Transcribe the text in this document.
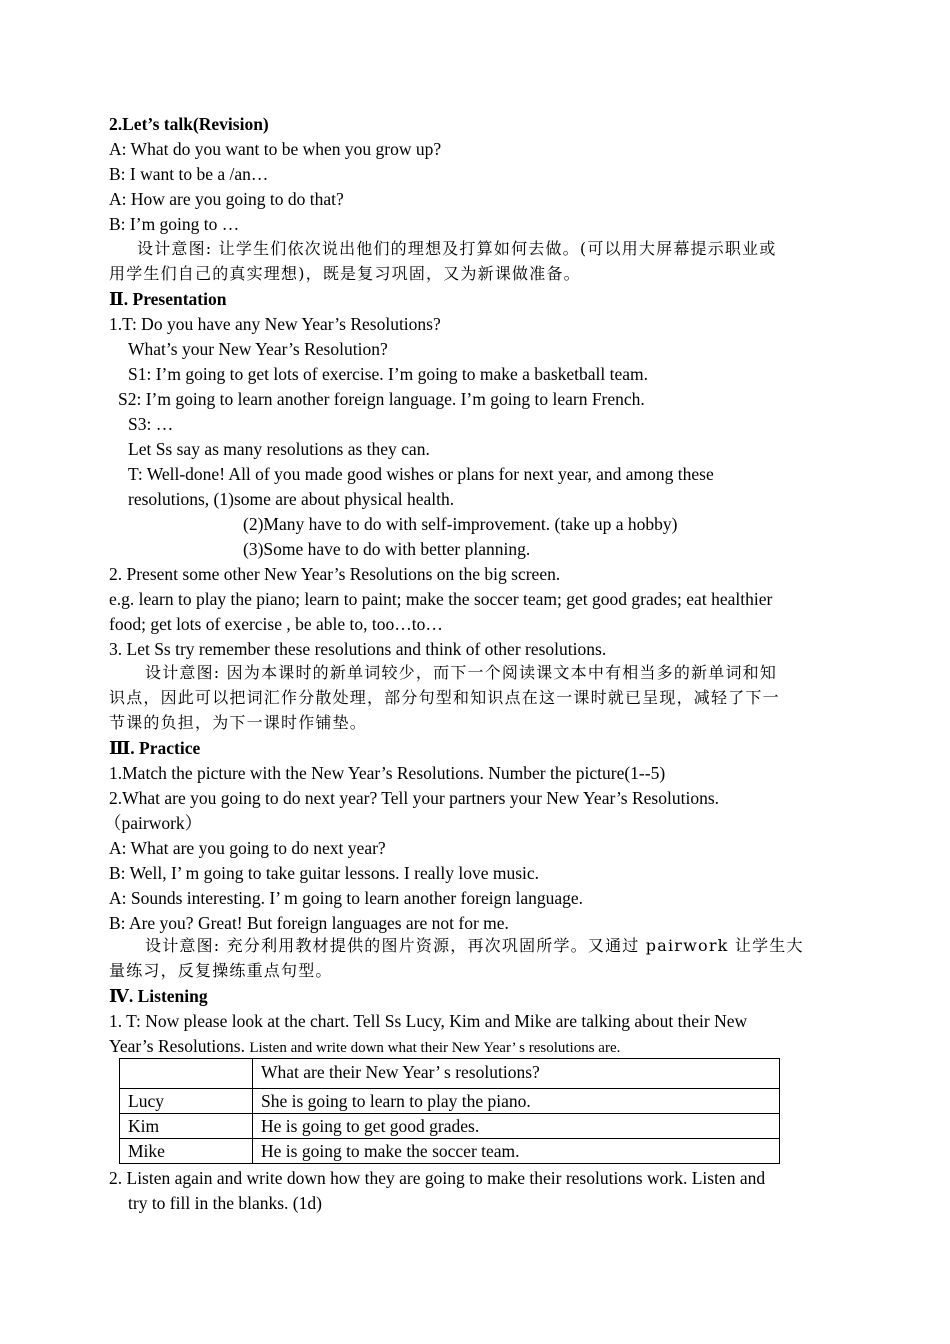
2.Let’s talk(Revision)
A: What do you want to be when you grow up?
B: I want to be a /an…
A: How are you going to do that?
B: I’m going to …
设计意图: 让学生们依次说出他们的理想及打算如何去做。(可以用大屏幕提示职业或
用学生们自己的真实理想)，既是复习巩固，又为新课做准备。
Ⅱ. Presentation
1.T: Do you have any New Year’s Resolutions?
What’s your New Year’s Resolution?
S1: I’m going to get lots of exercise. I’m going to make a basketball team.
S2: I’m going to learn another foreign language. I’m going to learn French.
S3: …
Let Ss say as many resolutions as they can.
T: Well-done! All of you made good wishes or plans for next year, and among these
resolutions, (1)some are about physical health.
(2)Many have to do with self-improvement. (take up a hobby)
(3)Some have to do with better planning.
2. Present some other New Year’s Resolutions on the big screen.
e.g. learn to play the piano; learn to paint; make the soccer team; get good grades; eat healthier
food; get lots of exercise , be able to, too…to…
3. Let Ss try remember these resolutions and think of other resolutions.
设计意图: 因为本课时的新单词较少，而下一个阅读课文本中有相当多的新单词和知
识点，因此可以把词汇作分散处理，部分句型和知识点在这一课时就已呈现，减轻了下一
节课的负担，为下一课时作铺垫。
Ⅲ. Practice
1.Match the picture with the New Year’s Resolutions. Number the picture(1--5)
2.What are you going to do next year? Tell your partners your New Year’s Resolutions.
（pairwork）
A: What are you going to do next year?
B: Well, I’ m going to take guitar lessons. I really love music.
A: Sounds interesting. I’ m going to learn another foreign language.
B: Are you? Great! But foreign languages are not for me.
设计意图: 充分利用教材提供的图片资源，再次巩固所学。又通过 pairwork 让学生大
量练习，反复操练重点句型。
Ⅳ. Listening
1. T: Now please look at the chart. Tell Ss Lucy, Kim and Mike are talking about their New
Year’s Resolutions. Listen and write down what their New Year’ s resolutions are.
	What are their New Year’ s resolutions?
Lucy	She is going to learn to play the piano.
Kim	He is going to get good grades.
Mike	He is going to make the soccer team.
2. Listen again and write down how they are going to make their resolutions work. Listen and
try to fill in the blanks. (1d)
